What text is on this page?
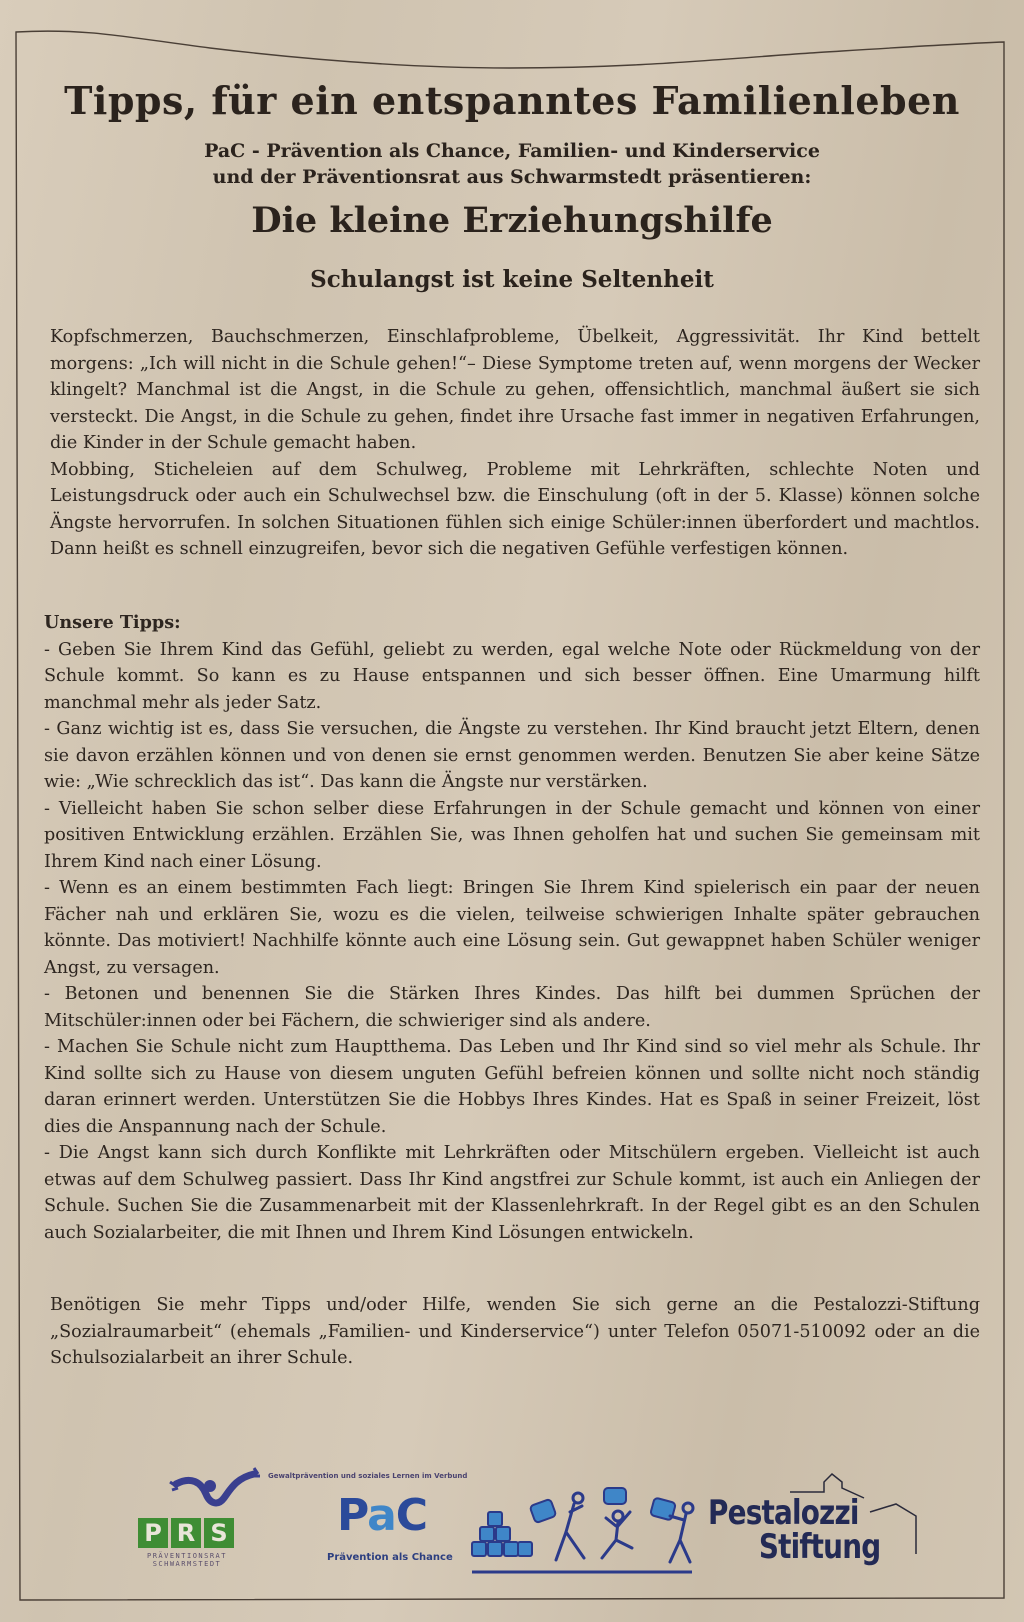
Tipps, für ein entspanntes Familienleben

PaC - Prävention als Chance, Familien- und Kinderservice

und der Präventionsrat aus Schwarmstedt präsentieren:

Die kleine Erziehungshilfe
Schulangst ist keine Seltenheit

Kopfschmerzen, Bauchschmerzen, Einschlafprobleme, Übelkeit, Aggressivität. Ihr Kind bettelt morgens: „Ich will nicht in die Schule gehen!“– Diese Symptome treten auf, wenn morgens der Wecker klingelt? Manchmal ist die Angst, in die Schule zu gehen, offensichtlich, manchmal äußert sie sich versteckt. Die Angst, in die Schule zu gehen, findet ihre Ursache fast immer in negativen Erfahrungen, die Kinder in der Schule gemacht haben.

Mobbing, Sticheleien auf dem Schulweg, Probleme mit Lehrkräften, schlechte Noten und Leistungsdruck oder auch ein Schulwechsel bzw. die Einschulung (oft in der 5. Klasse) können solche Ängste hervorrufen. In solchen Situationen fühlen sich einige Schüler:innen überfordert und machtlos. Dann heißt es schnell einzugreifen, bevor sich die negativen Gefühle verfestigen können.

Unsere Tipps:

- Geben Sie Ihrem Kind das Gefühl, geliebt zu werden, egal welche Note oder Rückmeldung von der Schule kommt. So kann es zu Hause entspannen und sich besser öffnen. Eine Umarmung hilft manchmal mehr als jeder Satz.

- Ganz wichtig ist es, dass Sie versuchen, die Ängste zu verstehen. Ihr Kind braucht jetzt Eltern, denen sie davon erzählen können und von denen sie ernst genommen werden. Benutzen Sie aber keine Sätze wie: „Wie schrecklich das ist“. Das kann die Ängste nur verstärken.

- Vielleicht haben Sie schon selber diese Erfahrungen in der Schule gemacht und können von einer positiven Entwicklung erzählen. Erzählen Sie, was Ihnen geholfen hat und suchen Sie gemeinsam mit Ihrem Kind nach einer Lösung.

- Wenn es an einem bestimmten Fach liegt: Bringen Sie Ihrem Kind spielerisch ein paar der neuen Fächer nah und erklären Sie, wozu es die vielen, teilweise schwierigen Inhalte später gebrauchen könnte. Das motiviert! Nachhilfe könnte auch eine Lösung sein. Gut gewappnet haben Schüler weniger Angst, zu versagen.

- Betonen und benennen Sie die Stärken Ihres Kindes. Das hilft bei dummen Sprüchen der Mitschüler:innen oder bei Fächern, die schwieriger sind als andere.

- Machen Sie Schule nicht zum Hauptthema. Das Leben und Ihr Kind sind so viel mehr als Schule. Ihr Kind sollte sich zu Hause von diesem unguten Gefühl befreien können und sollte nicht noch ständig daran erinnert werden. Unterstützen Sie die Hobbys Ihres Kindes. Hat es Spaß in seiner Freizeit, löst dies die Anspannung nach der Schule.

- Die Angst kann sich durch Konflikte mit Lehrkräften oder Mitschülern ergeben. Vielleicht ist auch etwas auf dem Schulweg passiert. Dass Ihr Kind angstfrei zur Schule kommt, ist auch ein Anliegen der Schule. Suchen Sie die Zusammenarbeit mit der Klassenlehrkraft. In der Regel gibt es an den Schulen auch Sozialarbeiter, die mit Ihnen und Ihrem Kind Lösungen entwickeln.

Benötigen Sie mehr Tipps und/oder Hilfe, wenden Sie sich gerne an die Pestalozzi-Stiftung „Sozialraumarbeit“ (ehemals „Familien- und Kinderservice“) unter Telefon 05071-510092 oder an die Schulsozialarbeit an ihrer Schule.

Gewaltprävention und soziales Lernen im Verbund
P R S
PRÄVENTIONSRAT
SCHWARMSTEDT
PaC
Prävention als Chance
Pestalozzi
Stiftung
